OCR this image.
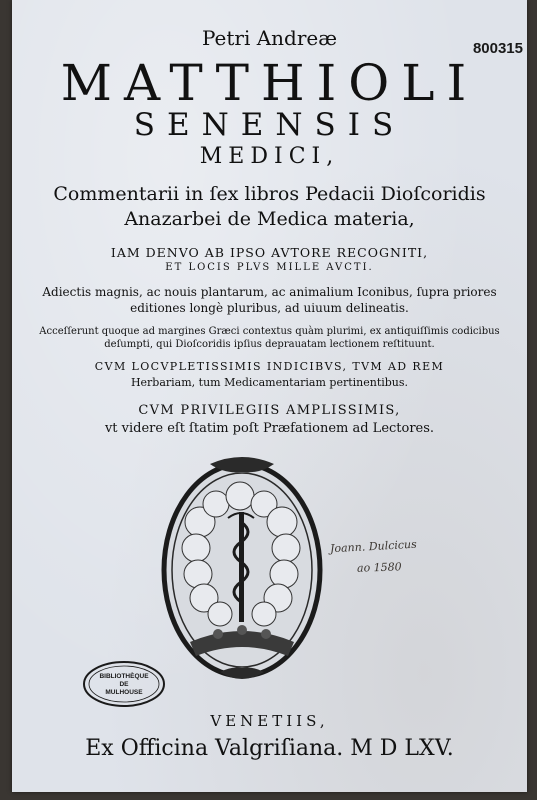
800315
Petri Andreæ
MATTHIOLI
SENENSIS
MEDICI,
Commentarii in ſex libros Pedacii Dioſcoridis
Anazarbei de Medica materia,
IAM DENVO AB IPSO AVTORE RECOGNITI,
ET LOCIS PLVS MILLE AVCTI.
Adiectis magnis, ac nouis plantarum, ac animalium Iconibus, ſupra priores
editiones longè pluribus, ad uiuum delineatis.
Acceſſerunt quoque ad margines Græci contextus quàm plurimi, ex antiquiſſimis codicibus
deſumpti, qui Dioſcoridis ipſius deprauatam lectionem reſtituunt.
CVM LOCVPLETISSIMIS INDICIBVS, TVM AD REM
Herbariam, tum Medicamentariam pertinentibus.
CVM PRIVILEGIIS AMPLISSIMIS,
vt videre eſt ſtatim poſt Præfationem ad Lectores.
BIBLIOTHÈQUE
DE
MULHOUSE
Joann. Dulcicus
ao 1580
VENETIIS,
Ex Officina Valgriſiana. M D LXV.
